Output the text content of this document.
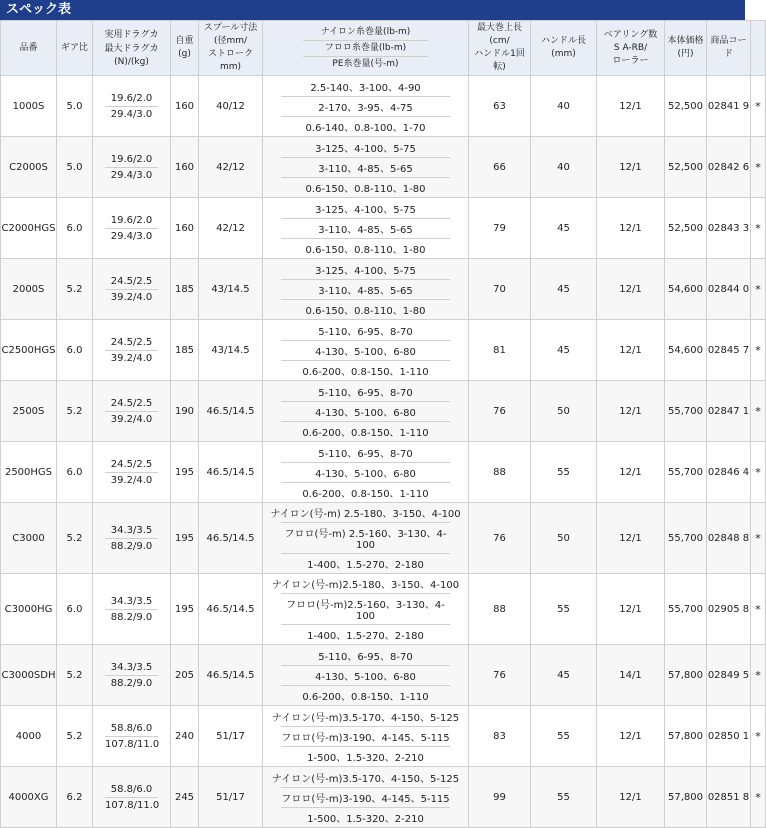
スペック表
品番	ギア比	実用ドラグカ
最大ドラグカ
(N)/(kg)	自重
(g)	スプール寸法
(径mm/
ストロークmm)	ナイロン糸巻量(lb-m)
フロロ糸巻量(lb-m)
PE糸巻量(号-m)	最大巻上長
(cm/
ハンドル1回転)	ハンドル長
(mm)	ベアリング数
S A-RB/
ローラー	本体価格
(円)	商品コード	
1000S	5.0	19.6/2.0
29.4/3.0	160	40/12	2.5-140、3-100、4-90
2-170、3-95、4-75
0.6-140、0.8-100、1-70	63	40	12/1	52,500	02841 9	*
C2000S	5.0	19.6/2.0
29.4/3.0	160	42/12	3-125、4-100、5-75
3-110、4-85、5-65
0.6-150、0.8-110、1-80	66	40	12/1	52,500	02842 6	*
C2000HGS	6.0	19.6/2.0
29.4/3.0	160	42/12	3-125、4-100、5-75
3-110、4-85、5-65
0.6-150、0.8-110、1-80	79	45	12/1	52,500	02843 3	*
2000S	5.2	24.5/2.5
39.2/4.0	185	43/14.5	3-125、4-100、5-75
3-110、4-85、5-65
0.6-150、0.8-110、1-80	70	45	12/1	54,600	02844 0	*
C2500HGS	6.0	24.5/2.5
39.2/4.0	185	43/14.5	5-110、6-95、8-70
4-130、5-100、6-80
0.6-200、0.8-150、1-110	81	45	12/1	54,600	02845 7	*
2500S	5.2	24.5/2.5
39.2/4.0	190	46.5/14.5	5-110、6-95、8-70
4-130、5-100、6-80
0.6-200、0.8-150、1-110	76	50	12/1	55,700	02847 1	*
2500HGS	6.0	24.5/2.5
39.2/4.0	195	46.5/14.5	5-110、6-95、8-70
4-130、5-100、6-80
0.6-200、0.8-150、1-110	88	55	12/1	55,700	02846 4	*
C3000	5.2	34.3/3.5
88.2/9.0	195	46.5/14.5	ナイロン(号-m) 2.5-180、3-150、4-100
フロロ(号-m) 2.5-160、3-130、4-100
1-400、1.5-270、2-180	76	50	12/1	55,700	02848 8	*
C3000HG	6.0	34.3/3.5
88.2/9.0	195	46.5/14.5	ナイロン(号-m)2.5-180、3-150、4-100
フロロ(号-m)2.5-160、3-130、4-100
1-400、1.5-270、2-180	88	55	12/1	55,700	02905 8	*
C3000SDH	5.2	34.3/3.5
88.2/9.0	205	46.5/14.5	5-110、6-95、8-70
4-130、5-100、6-80
0.6-200、0.8-150、1-110	76	45	14/1	57,800	02849 5	*
4000	5.2	58.8/6.0
107.8/11.0	240	51/17	ナイロン(号-m)3.5-170、4-150、5-125
フロロ(号-m)3-190、4-145、5-115
1-500、1.5-320、2-210	83	55	12/1	57,800	02850 1	*
4000XG	6.2	58.8/6.0
107.8/11.0	245	51/17	ナイロン(号-m)3.5-170、4-150、5-125
フロロ(号-m)3-190、4-145、5-115
1-500、1.5-320、2-210	99	55	12/1	57,800	02851 8	*
